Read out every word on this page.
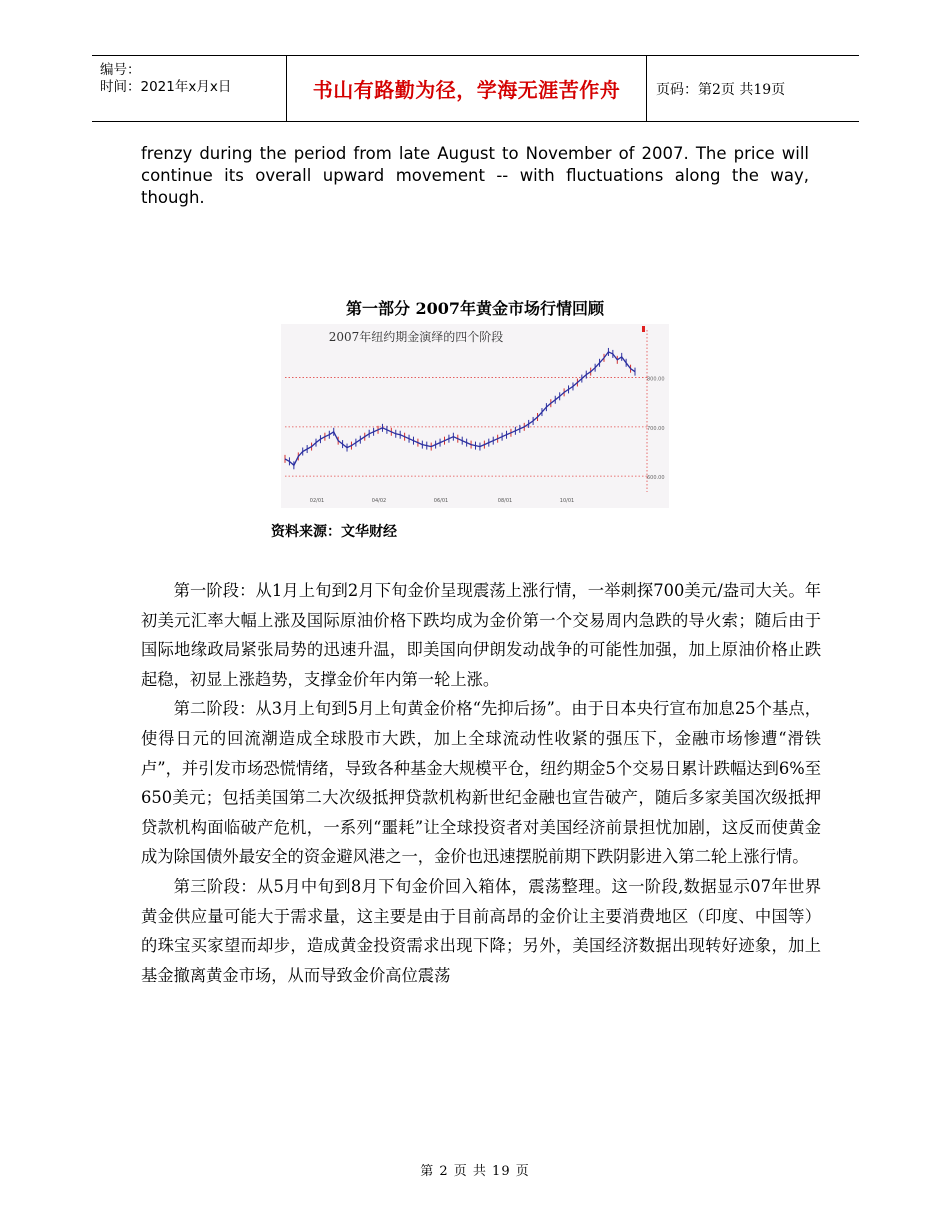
编号：
时间：2021年x月x日	书山有路勤为径，学海无涯苦作舟	页码：第2页 共19页
frenzy during the period from late August to November of 2007. The price will continue its overall upward movement -- with fluctuations along the way, though.
第一部分 2007年黄金市场行情回顾
2007年纽约期金演绎的四个阶段
800.00
700.00
600.00
02/01	04/02	06/01	08/01	10/01
资料来源：文华财经

第一阶段：从1月上旬到2月下旬金价呈现震荡上涨行情，一举刺探700美元/盎司大关。年初美元汇率大幅上涨及国际原油价格下跌均成为金价第一个交易周内急跌的导火索；随后由于国际地缘政局紧张局势的迅速升温，即美国向伊朗发动战争的可能性加强，加上原油价格止跌起稳，初显上涨趋势，支撑金价年内第一轮上涨。

第二阶段：从3月上旬到5月上旬黄金价格“先抑后扬”。由于日本央行宣布加息25个基点，使得日元的回流潮造成全球股市大跌，加上全球流动性收紧的强压下，金融市场惨遭“滑铁卢”，并引发市场恐慌情绪，导致各种基金大规模平仓，纽约期金5个交易日累计跌幅达到6%至650美元；包括美国第二大次级抵押贷款机构新世纪金融也宣告破产，随后多家美国次级抵押贷款机构面临破产危机，一系列“噩耗”让全球投资者对美国经济前景担忧加剧，这反而使黄金成为除国债外最安全的资金避风港之一，金价也迅速摆脱前期下跌阴影进入第二轮上涨行情。

第三阶段：从5月中旬到8月下旬金价回入箱体，震荡整理。这一阶段,数据显示07年世界黄金供应量可能大于需求量，这主要是由于目前高昂的金价让主要消费地区（印度、中国等）的珠宝买家望而却步，造成黄金投资需求出现下降；另外，美国经济数据出现转好迹象，加上基金撤离黄金市场，从而导致金价高位震荡

第 2 页 共 19 页
